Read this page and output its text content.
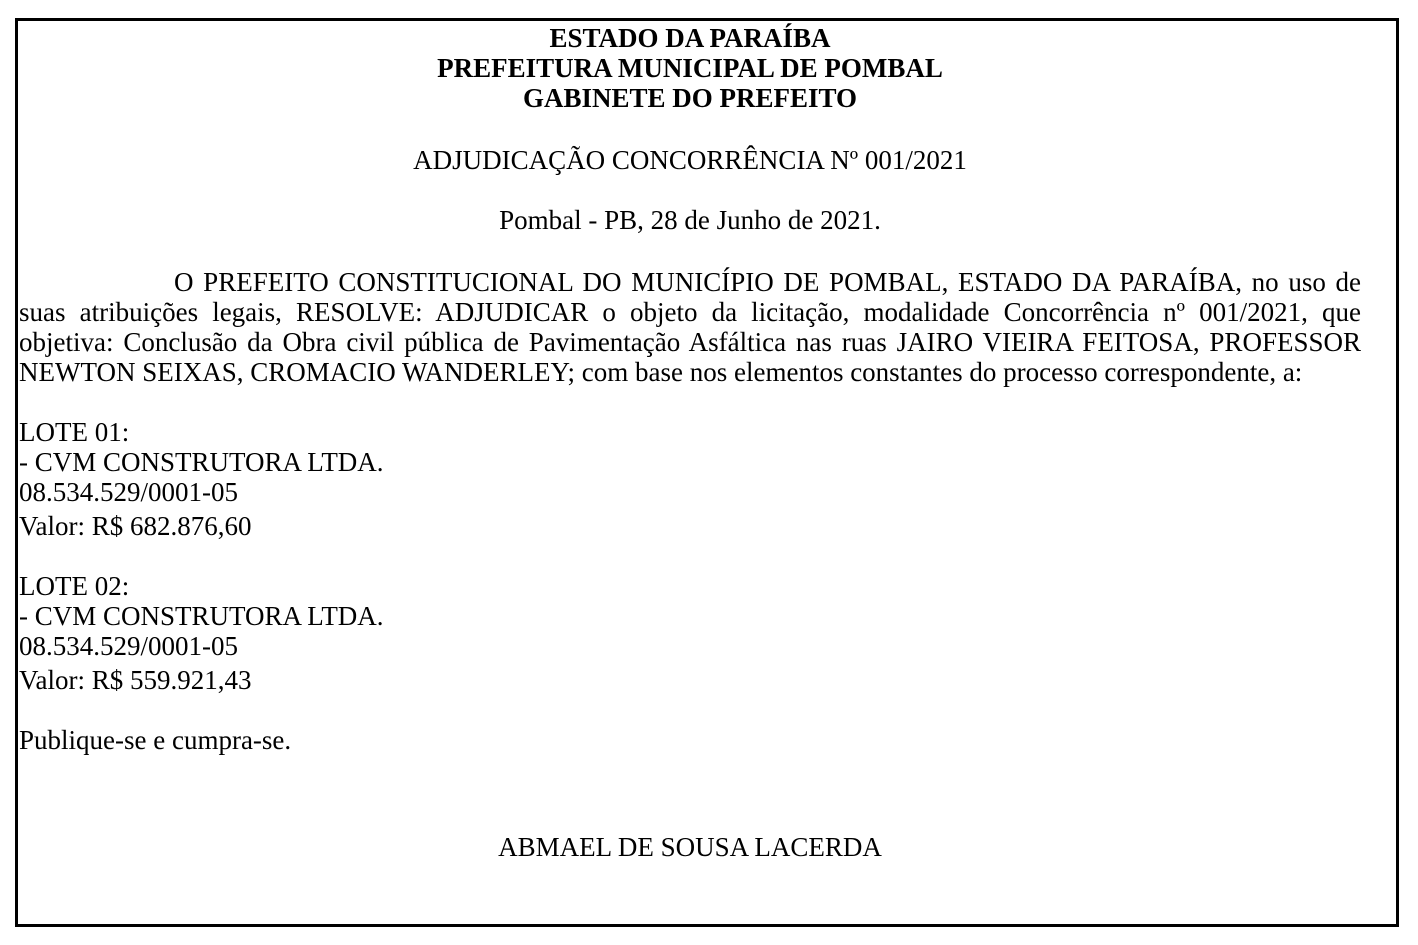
ESTADO DA PARAÍBA
PREFEITURA MUNICIPAL DE POMBAL
GABINETE DO PREFEITO
ADJUDICAÇÃO CONCORRÊNCIA Nº 001/2021
Pombal - PB, 28 de Junho de 2021.
O PREFEITO CONSTITUCIONAL DO MUNICÍPIO DE POMBAL, ESTADO DA PARAÍBA, no uso de suas atribuições legais, RESOLVE: ADJUDICAR o objeto da licitação, modalidade Concorrência nº 001/2021, que objetiva: Conclusão da Obra civil pública de Pavimentação Asfáltica nas ruas JAIRO VIEIRA FEITOSA, PROFESSOR NEWTON SEIXAS, CROMACIO WANDERLEY; com base nos elementos constantes do processo correspondente, a:
LOTE 01:
- CVM CONSTRUTORA LTDA.
08.534.529/0001-05
Valor: R$ 682.876,60
LOTE 02:
- CVM CONSTRUTORA LTDA.
08.534.529/0001-05
Valor: R$ 559.921,43
Publique-se e cumpra-se.
ABMAEL DE SOUSA LACERDA
